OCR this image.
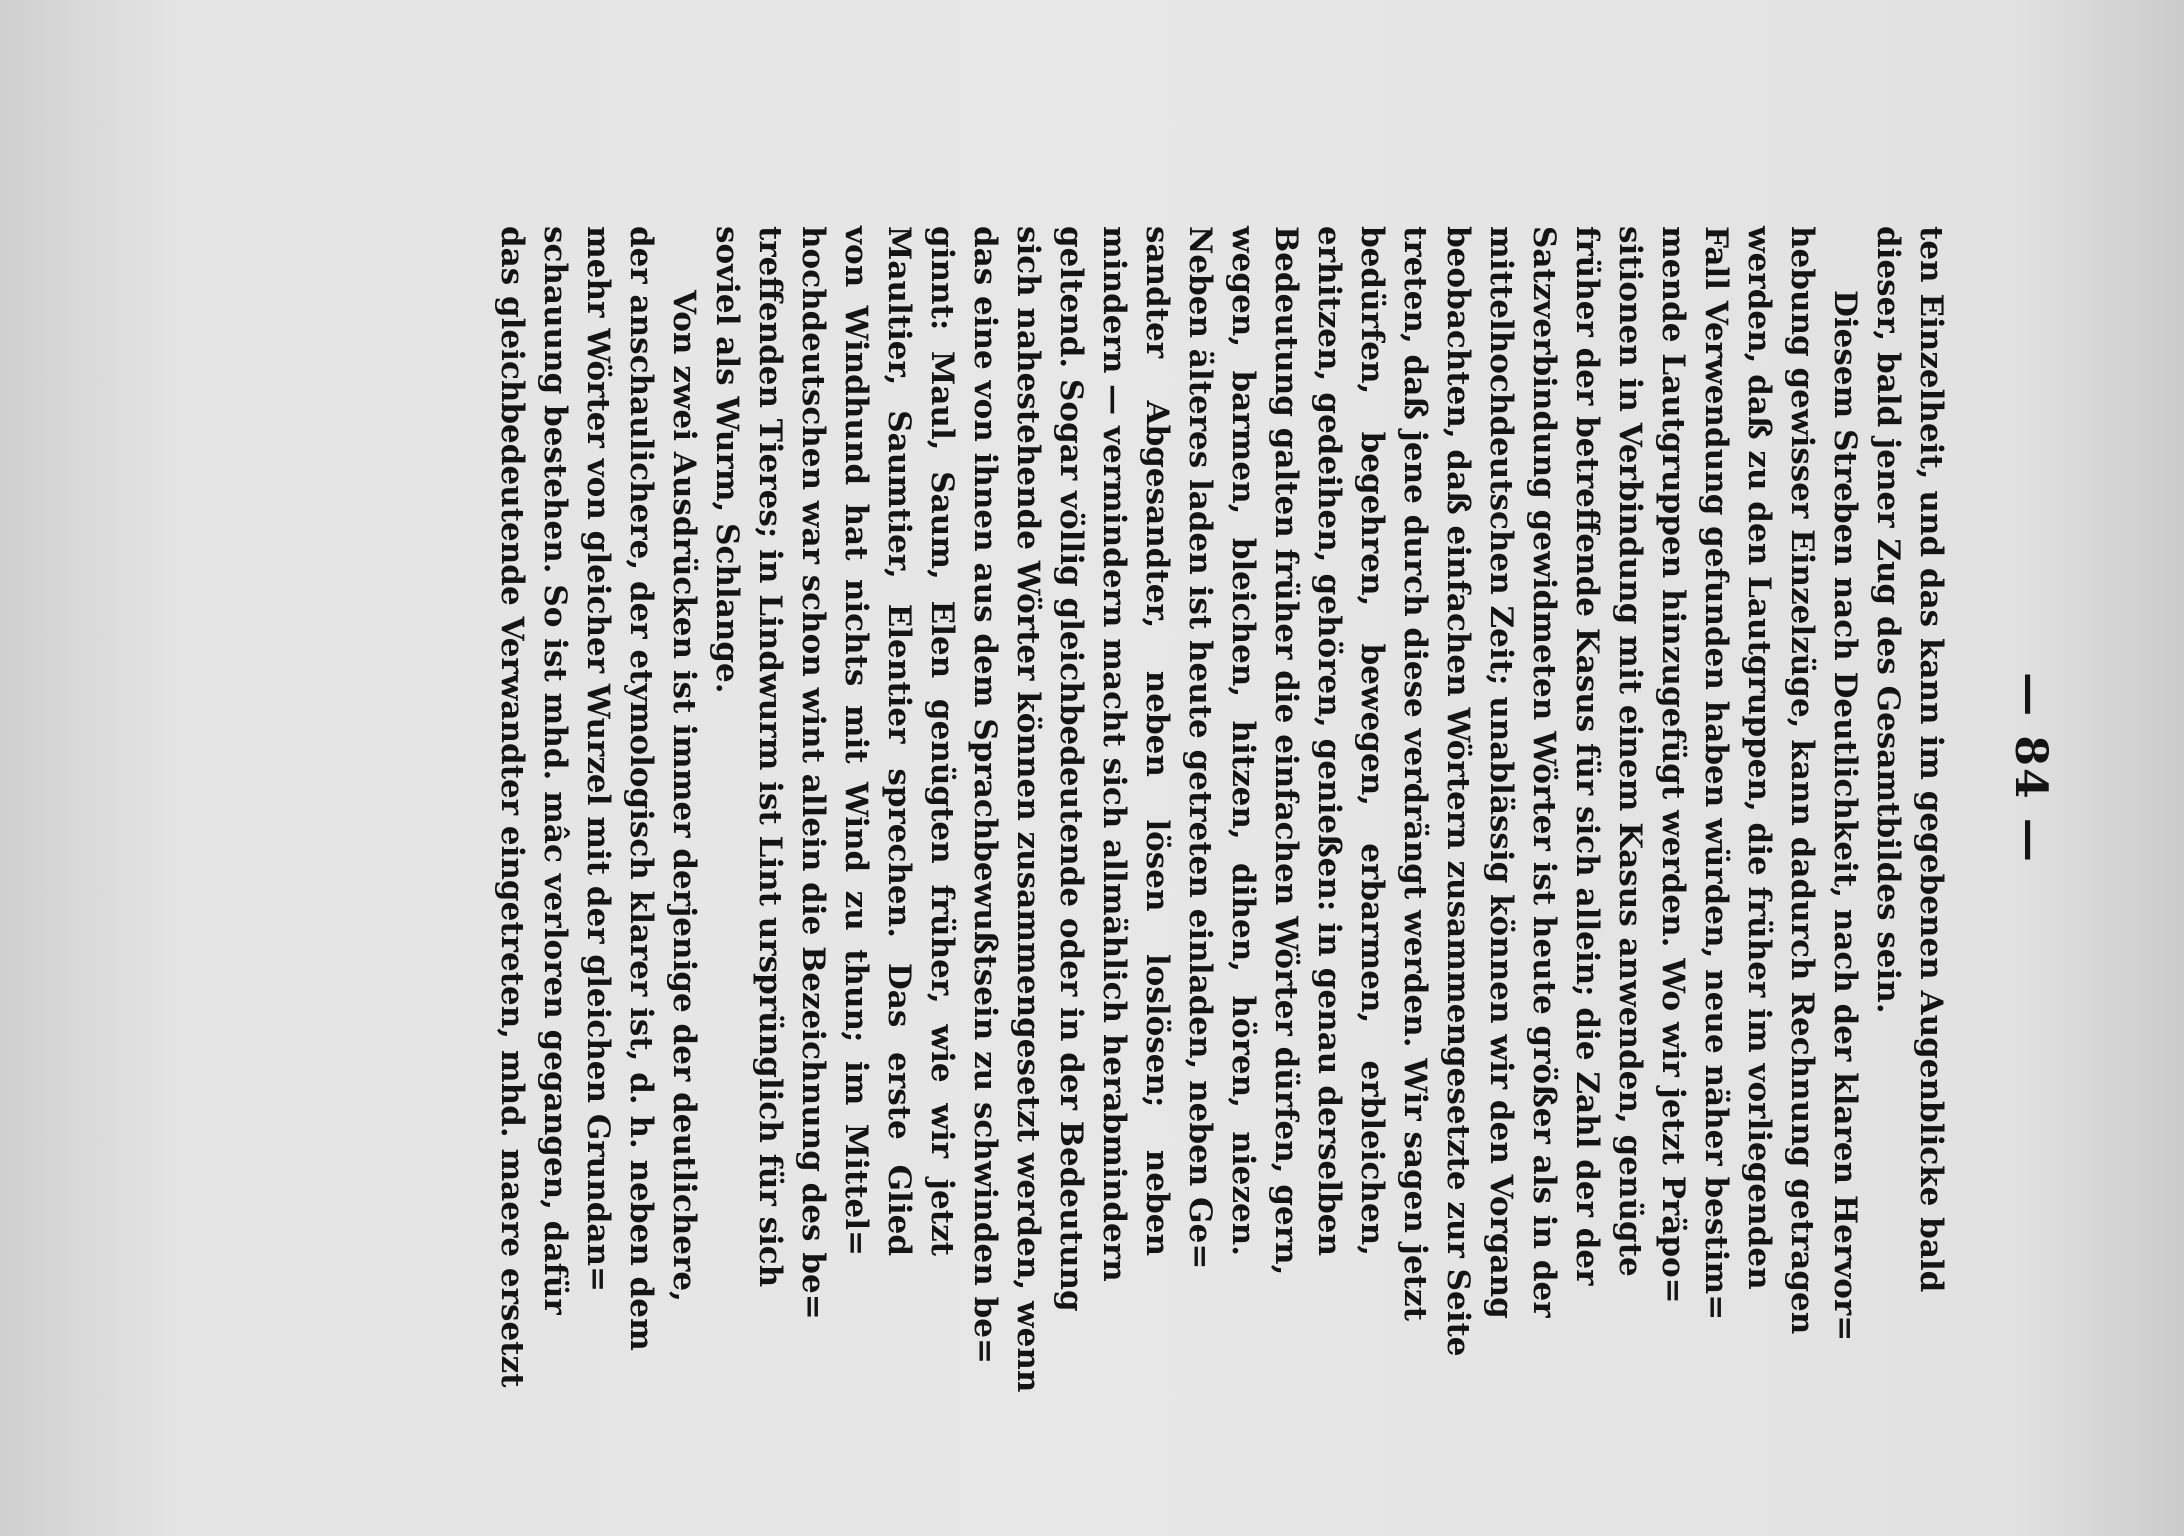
— 84 —
ten Einzelheit, und das kann im gegebenen Augenblicke bald
dieser, bald jener Zug des Gesamtbildes sein.
Diesem Streben nach Deutlichkeit, nach der klaren Hervor=
hebung gewisser Einzelzüge, kann dadurch Rechnung getragen
werden, daß zu den Lautgruppen, die früher im vorliegenden
Fall Verwendung gefunden haben würden, neue näher bestim=
mende Lautgruppen hinzugefügt werden. Wo wir jetzt Präpo=
sitionen in Verbindung mit einem Kasus anwenden, genügte
früher der betreffende Kasus für sich allein; die Zahl der der
Satzverbindung gewidmeten Wörter ist heute größer als in der
mittelhochdeutschen Zeit; unablässig können wir den Vorgang
beobachten, daß einfachen Wörtern zusammengesetzte zur Seite
treten, daß jene durch diese verdrängt werden. Wir sagen jetzt
bedürfen, begehren, bewegen, erbarmen, erbleichen,
erhitzen, gedeihen, gehören, genießen: in genau derselben
Bedeutung galten früher die einfachen Wörter dürfen, gern,
wegen, barmen, bleichen, hitzen, dihen, hören, niezen.
Neben älteres laden ist heute getreten einladen, neben Ge=
sandter Abgesandter, neben lösen loslösen; neben
mindern — vermindern macht sich allmählich herabmindern
geltend. Sogar völlig gleichbedeutende oder in der Bedeutung
sich nahestehende Wörter können zusammengesetzt werden, wenn
das eine von ihnen aus dem Sprachbewußtsein zu schwinden be=
ginnt: Maul, Saum, Elen genügten früher, wie wir jetzt
Maultier, Saumtier, Elentier sprechen. Das erste Glied
von Windhund hat nichts mit Wind zu thun; im Mittel=
hochdeutschen war schon wint allein die Bezeichnung des be=
treffenden Tieres; in Lindwurm ist Lint ursprünglich für sich
soviel als Wurm, Schlange.
Von zwei Ausdrücken ist immer derjenige der deutlichere,
der anschaulichere, der etymologisch klarer ist, d. h. neben dem
mehr Wörter von gleicher Wurzel mit der gleichen Grundan=
schauung bestehen. So ist mhd. mâc verloren gegangen, dafür
das gleichbedeutende Verwandter eingetreten, mhd. maere ersetzt
